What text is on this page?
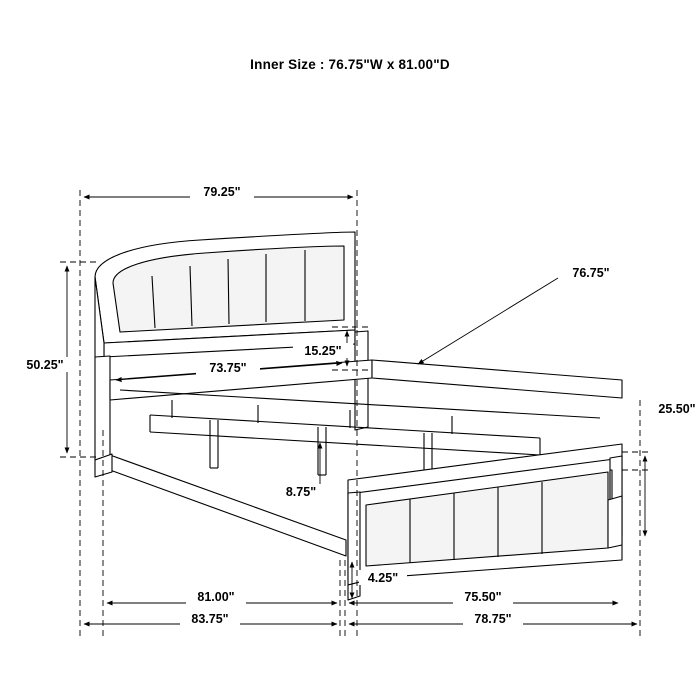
Inner Size : 76.75"W x 81.00"D
79.25"
50.25"	73.75"
15.25"
76.75"
25.50"
8.75"
4.25"
81.00"
83.75"
75.50"
78.75"
